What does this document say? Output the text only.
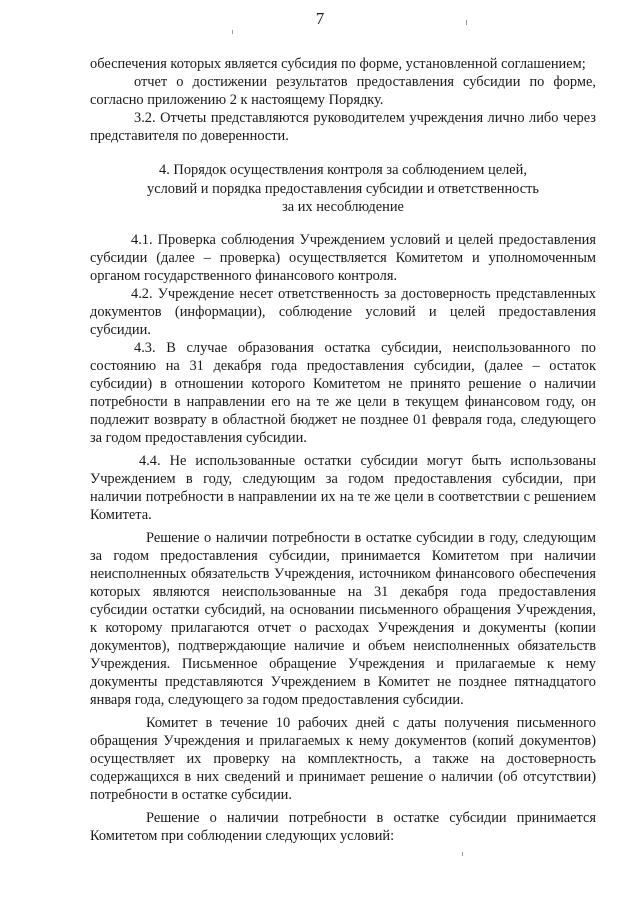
7

обеспечения которых является субсидия по форме, установленной соглашением;

отчет о достижении результатов предоставления субсидии по форме, согласно приложению 2 к настоящему Порядку.

3.2. Отчеты представляются руководителем учреждения лично либо через представителя по доверенности.

4. Порядок осуществления контроля за соблюдением целей,
условий и порядка предоставления субсидии и ответственность
за их несоблюдение

4.1. Проверка соблюдения Учреждением условий и целей предоставления субсидии (далее – проверка) осуществляется Комитетом и уполномоченным органом государственного финансового контроля.

4.2. Учреждение несет ответственность за достоверность представленных документов (информации), соблюдение условий и целей предоставления субсидии.

4.3. В случае образования остатка субсидии, неиспользованного по состоянию на 31 декабря года предоставления субсидии, (далее – остаток субсидии) в отношении которого Комитетом не принято решение о наличии потребности в направлении его на те же цели в текущем финансовом году, он подлежит возврату в областной бюджет не позднее 01 февраля года, следующего за годом предоставления субсидии.

4.4. Не использованные остатки субсидии могут быть использованы Учреждением в году, следующим за годом предоставления субсидии, при наличии потребности в направлении их на те же цели в соответствии с решением Комитета.

Решение о наличии потребности в остатке субсидии в году, следующим за годом предоставления субсидии, принимается Комитетом при наличии неисполненных обязательств Учреждения, источником финансового обеспечения которых являются неиспользованные на 31 декабря года предоставления субсидии остатки субсидий, на основании письменного обращения Учреждения, к которому прилагаются отчет о расходах Учреждения и документы (копии документов), подтверждающие наличие и объем неисполненных обязательств Учреждения. Письменное обращение Учреждения и прилагаемые к нему документы представляются Учреждением в Комитет не позднее пятнадцатого января года, следующего за годом предоставления субсидии.

Комитет в течение 10 рабочих дней с даты получения письменного обращения Учреждения и прилагаемых к нему документов (копий документов) осуществляет их проверку на комплектность, а также на достоверность содержащихся в них сведений и принимает решение о наличии (об отсутствии) потребности в остатке субсидии.

Решение о наличии потребности в остатке субсидии принимается Комитетом при соблюдении следующих условий:
